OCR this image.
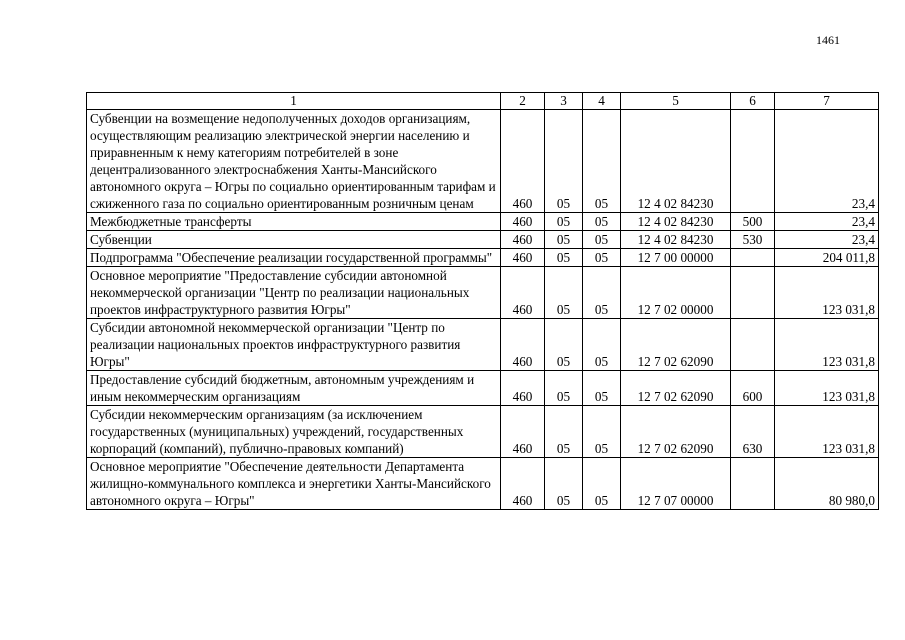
1461
1	2	3	4	5	6	7
Субвенции на возмещение недополученных доходов организациям, осуществляющим реализацию электрической энергии населению и приравненным к нему категориям потребителей в зоне децентрализованного электроснабжения Ханты-Мансийского автономного округа – Югры по социально ориентированным тарифам и сжиженного газа по социально ориентированным розничным ценам	460	05	05	12 4 02 84230		23,4
Межбюджетные трансферты	460	05	05	12 4 02 84230	500	23,4
Субвенции	460	05	05	12 4 02 84230	530	23,4
Подпрограмма "Обеспечение реализации государственной программы"	460	05	05	12 7 00 00000		204 011,8
Основное мероприятие "Предоставление субсидии автономной некоммерческой организации "Центр по реализации национальных проектов инфраструктурного развития Югры"	460	05	05	12 7 02 00000		123 031,8
Субсидии автономной некоммерческой организации "Центр по реализации национальных проектов инфраструктурного развития Югры"	460	05	05	12 7 02 62090		123 031,8
Предоставление субсидий бюджетным, автономным учреждениям и иным некоммерческим организациям	460	05	05	12 7 02 62090	600	123 031,8
Субсидии некоммерческим организациям (за исключением государственных (муниципальных) учреждений, государственных корпораций (компаний), публично-правовых компаний)	460	05	05	12 7 02 62090	630	123 031,8
Основное мероприятие "Обеспечение деятельности Департамента жилищно-коммунального комплекса и энергетики Ханты-Мансийского автономного округа – Югры"	460	05	05	12 7 07 00000		80 980,0
